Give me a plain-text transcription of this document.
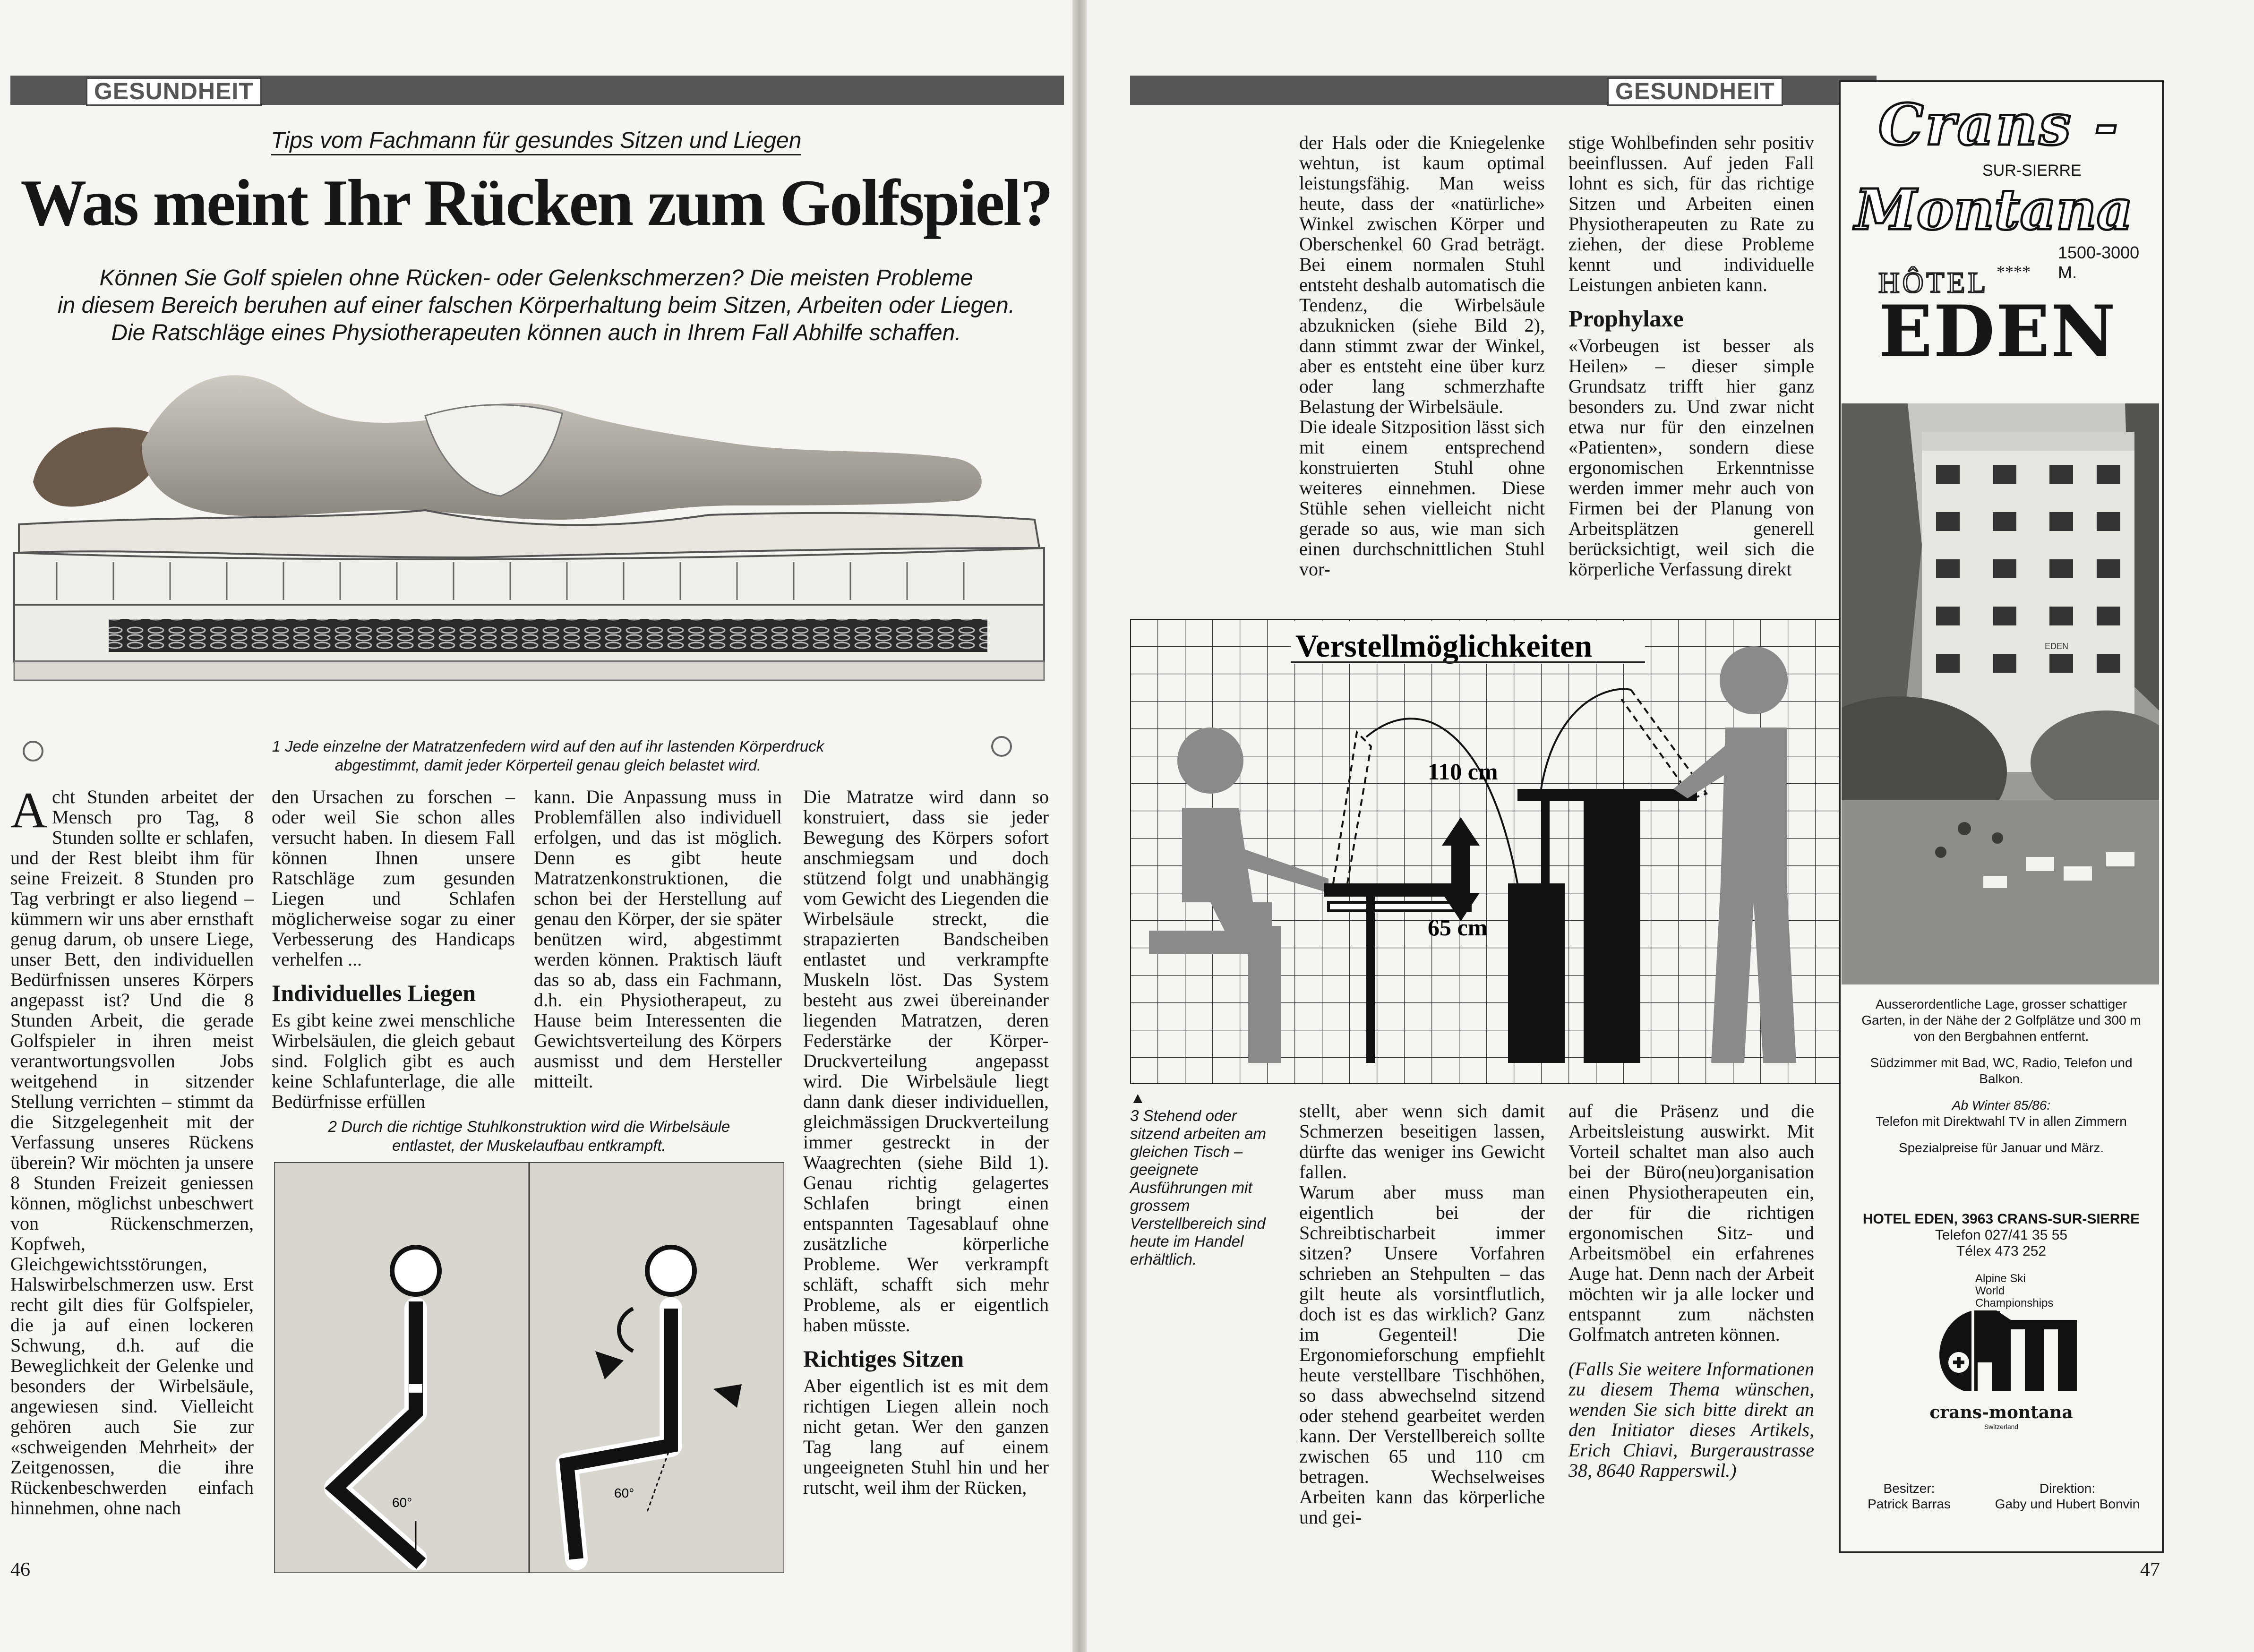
GESUNDHEIT
Tips vom Fachmann für gesundes Sitzen und Liegen
Was meint Ihr Rücken zum Golfspiel?
Können Sie Golf spielen ohne Rücken- oder Gelenkschmerzen? Die meisten Probleme
in diesem Bereich beruhen auf einer falschen Körperhaltung beim Sitzen, Arbeiten oder Liegen.
Die Ratschläge eines Physiotherapeuten können auch in Ihrem Fall Abhilfe schaffen.
1 Jede einzelne der Matratzenfedern wird auf den auf ihr lastenden Körperdruck
abgestimmt, damit jeder Körperteil genau gleich belastet wird.

Acht Stunden arbeitet der Mensch pro Tag, 8 Stunden sollte er schlafen, und der Rest bleibt ihm für seine Freizeit. 8 Stunden pro Tag verbringt er also liegend – kümmern wir uns aber ernsthaft genug darum, ob unsere Liege, unser Bett, den individuellen Bedürfnissen unseres Körpers angepasst ist? Und die 8 Stunden Arbeit, die gerade Golfspieler in ihren meist verantwortungsvollen Jobs weitgehend in sitzender Stellung verrichten – stimmt da die Sitzgelegenheit mit der Verfassung unseres Rückens überein? Wir möchten ja unsere 8 Stunden Freizeit geniessen können, möglichst unbeschwert von Rückenschmerzen, Kopfweh, Gleichgewichtsstörungen, Halswirbelschmerzen usw. Erst recht gilt dies für Golfspieler, die ja auf einen lockeren Schwung, d.h. auf die Beweglichkeit der Gelenke und besonders der Wirbelsäule, angewiesen sind. Vielleicht gehören auch Sie zur «schweigenden Mehrheit» der Zeitgenossen, die ihre Rückenbeschwerden einfach hinnehmen, ohne nach

den Ursachen zu forschen – oder weil Sie schon alles versucht haben. In diesem Fall können Ihnen unsere Ratschläge zum gesunden Liegen und Schlafen möglicherweise sogar zu einer Verbesserung des Handicaps verhelfen ...

Individuelles Liegen

Es gibt keine zwei menschliche Wirbelsäulen, die gleich gebaut sind. Folglich gibt es auch keine Schlafunterlage, die alle Bedürfnisse erfüllen

kann. Die Anpassung muss in Problemfällen also individuell erfolgen, und das ist möglich. Denn es gibt heute Matratzenkonstruktionen, die schon bei der Herstellung auf genau den Körper, der sie später benützen wird, abgestimmt werden können. Praktisch läuft das so ab, dass ein Fachmann, d.h. ein Physiotherapeut, zu Hause beim Interessenten die Gewichtsverteilung des Körpers ausmisst und dem Hersteller mitteilt.

2 Durch die richtige Stuhlkonstruktion wird die Wirbelsäule
entlastet, der Muskelaufbau entkrampft.
60°
60°

Die Matratze wird dann so konstruiert, dass sie jeder Bewegung des Körpers sofort anschmiegsam und doch stützend folgt und unabhängig vom Gewicht des Liegenden die Wirbelsäule streckt, die strapazierten Bandscheiben entlastet und verkrampfte Muskeln löst. Das System besteht aus zwei übereinander liegenden Matratzen, deren Federstärke der Körper-Druckverteilung angepasst wird. Die Wirbelsäule liegt dann dank dieser individuellen, gleichmässigen Druckverteilung immer gestreckt in der Waagrechten (siehe Bild 1). Genau richtig gelagertes Schlafen bringt einen entspannten Tagesablauf ohne zusätzliche körperliche Probleme. Wer verkrampft schläft, schafft sich mehr Probleme, als er eigentlich haben müsste.

Richtiges Sitzen

Aber eigentlich ist es mit dem richtigen Liegen allein noch nicht getan. Wer den ganzen Tag lang auf einem ungeeigneten Stuhl hin und her rutscht, weil ihm der Rücken,

46
GESUNDHEIT

der Hals oder die Kniegelenke wehtun, ist kaum optimal leistungsfähig. Man weiss heute, dass der «natürliche» Winkel zwischen Körper und Oberschenkel 60 Grad beträgt. Bei einem normalen Stuhl entsteht deshalb automatisch die Tendenz, die Wirbelsäule abzuknicken (siehe Bild 2), dann stimmt zwar der Winkel, aber es entsteht eine über kurz oder lang schmerzhafte Belastung der Wirbelsäule.

Die ideale Sitzposition lässt sich mit einem entsprechend konstruierten Stuhl ohne weiteres einnehmen. Diese Stühle sehen vielleicht nicht gerade so aus, wie man sich einen durchschnittlichen Stuhl vor-

stige Wohlbefinden sehr positiv beeinflussen. Auf jeden Fall lohnt es sich, für das richtige Sitzen und Arbeiten einen Physiotherapeuten zu Rate zu ziehen, der diese Probleme kennt und individuelle Leistungen anbieten kann.

Prophylaxe

«Vorbeugen ist besser als Heilen» – dieser simple Grundsatz trifft hier ganz besonders zu. Und zwar nicht etwa nur für den einzelnen «Patienten», sondern diese ergonomischen Erkenntnisse werden immer mehr auch von Firmen bei der Planung von Arbeitsplätzen generell berücksichtigt, weil sich die körperliche Verfassung direkt

Verstellmöglichkeiten
110 cm
65 cm
▲
3 Stehend oder sitzend arbeiten am gleichen Tisch – geeignete Ausführungen mit grossem Verstellbereich sind heute im Handel erhältlich.

stellt, aber wenn sich damit Schmerzen beseitigen lassen, dürfte das weniger ins Gewicht fallen.

Warum aber muss man eigentlich bei der Schreibtischarbeit immer sitzen? Unsere Vorfahren schrieben an Stehpulten – das gilt heute als vorsintflutlich, doch ist es das wirklich? Ganz im Gegenteil! Die Ergonomieforschung empfiehlt heute verstellbare Tischhöhen, so dass abwechselnd sitzend oder stehend gearbeitet werden kann. Der Verstellbereich sollte zwischen 65 und 110 cm betragen. Wechselweises Arbeiten kann das körperliche und gei-

auf die Präsenz und die Arbeitsleistung auswirkt. Mit Vorteil schaltet man also auch bei der Büro(neu)organisation einen Physiotherapeuten ein, der für die richtigen ergonomischen Sitz- und Arbeitsmöbel ein erfahrenes Auge hat. Denn nach der Arbeit möchten wir ja alle locker und entspannt zum nächsten Golfmatch antreten können.

(Falls Sie weitere Informationen zu diesem Thema wünschen, wenden Sie sich bitte direkt an den Initiator dieses Artikels, Erich Chiavi, Burgeraustrasse 38, 8640 Rapperswil.)

47
Crans -
SUR-SIERRE
Montana
1500-3000 M.
HÔTEL ****
EDEN
EDEN
Ausserordentliche Lage, grosser schattiger Garten, in der Nähe der 2 Golfplätze und 300 m von den Bergbahnen entfernt.
Südzimmer mit Bad, WC, Radio, Telefon und Balkon.
Ab Winter 85/86:
Telefon mit Direktwahl TV in allen Zimmern
Spezialpreise für Januar und März.
HOTEL EDEN, 3963 CRANS-SUR-SIERRE
Telefon 027/41 35 55
Télex 473 252
Alpine Ski
World
Championships
crans-montana
Switzerland
Besitzer:
Patrick Barras
Direktion:
Gaby und Hubert Bonvin
